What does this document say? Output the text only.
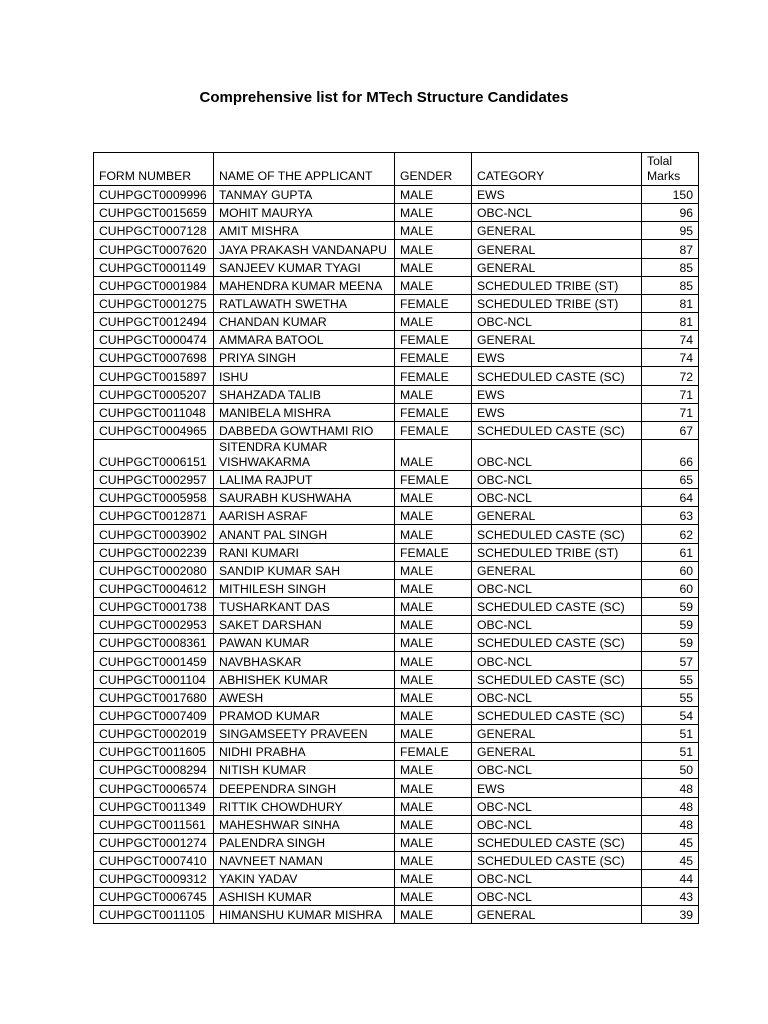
Comprehensive list for MTech Structure Candidates
FORM NUMBER	NAME OF THE APPLICANT	GENDER	CATEGORY	Tolal Marks
CUHPGCT0009996	TANMAY GUPTA	MALE	EWS	150
CUHPGCT0015659	MOHIT MAURYA	MALE	OBC-NCL	96
CUHPGCT0007128	AMIT MISHRA	MALE	GENERAL	95
CUHPGCT0007620	JAYA PRAKASH VANDANAPU	MALE	GENERAL	87
CUHPGCT0001149	SANJEEV KUMAR TYAGI	MALE	GENERAL	85
CUHPGCT0001984	MAHENDRA KUMAR MEENA	MALE	SCHEDULED TRIBE (ST)	85
CUHPGCT0001275	RATLAWATH SWETHA	FEMALE	SCHEDULED TRIBE (ST)	81
CUHPGCT0012494	CHANDAN KUMAR	MALE	OBC-NCL	81
CUHPGCT0000474	AMMARA BATOOL	FEMALE	GENERAL	74
CUHPGCT0007698	PRIYA SINGH	FEMALE	EWS	74
CUHPGCT0015897	ISHU	FEMALE	SCHEDULED CASTE (SC)	72
CUHPGCT0005207	SHAHZADA TALIB	MALE	EWS	71
CUHPGCT0011048	MANIBELA MISHRA	FEMALE	EWS	71
CUHPGCT0004965	DABBEDA GOWTHAMI RIO	FEMALE	SCHEDULED CASTE (SC)	67
CUHPGCT0006151	SITENDRA KUMAR VISHWAKARMA	MALE	OBC-NCL	66
CUHPGCT0002957	LALIMA RAJPUT	FEMALE	OBC-NCL	65
CUHPGCT0005958	SAURABH KUSHWAHA	MALE	OBC-NCL	64
CUHPGCT0012871	AARISH ASRAF	MALE	GENERAL	63
CUHPGCT0003902	ANANT PAL SINGH	MALE	SCHEDULED CASTE (SC)	62
CUHPGCT0002239	RANI KUMARI	FEMALE	SCHEDULED TRIBE (ST)	61
CUHPGCT0002080	SANDIP KUMAR SAH	MALE	GENERAL	60
CUHPGCT0004612	MITHILESH SINGH	MALE	OBC-NCL	60
CUHPGCT0001738	TUSHARKANT DAS	MALE	SCHEDULED CASTE (SC)	59
CUHPGCT0002953	SAKET DARSHAN	MALE	OBC-NCL	59
CUHPGCT0008361	PAWAN KUMAR	MALE	SCHEDULED CASTE (SC)	59
CUHPGCT0001459	NAVBHASKAR	MALE	OBC-NCL	57
CUHPGCT0001104	ABHISHEK KUMAR	MALE	SCHEDULED CASTE (SC)	55
CUHPGCT0017680	AWESH	MALE	OBC-NCL	55
CUHPGCT0007409	PRAMOD KUMAR	MALE	SCHEDULED CASTE (SC)	54
CUHPGCT0002019	SINGAMSEETY PRAVEEN	MALE	GENERAL	51
CUHPGCT0011605	NIDHI PRABHA	FEMALE	GENERAL	51
CUHPGCT0008294	NITISH KUMAR	MALE	OBC-NCL	50
CUHPGCT0006574	DEEPENDRA SINGH	MALE	EWS	48
CUHPGCT0011349	RITTIK CHOWDHURY	MALE	OBC-NCL	48
CUHPGCT0011561	MAHESHWAR SINHA	MALE	OBC-NCL	48
CUHPGCT0001274	PALENDRA SINGH	MALE	SCHEDULED CASTE (SC)	45
CUHPGCT0007410	NAVNEET NAMAN	MALE	SCHEDULED CASTE (SC)	45
CUHPGCT0009312	YAKIN YADAV	MALE	OBC-NCL	44
CUHPGCT0006745	ASHISH KUMAR	MALE	OBC-NCL	43
CUHPGCT0011105	HIMANSHU KUMAR MISHRA	MALE	GENERAL	39
